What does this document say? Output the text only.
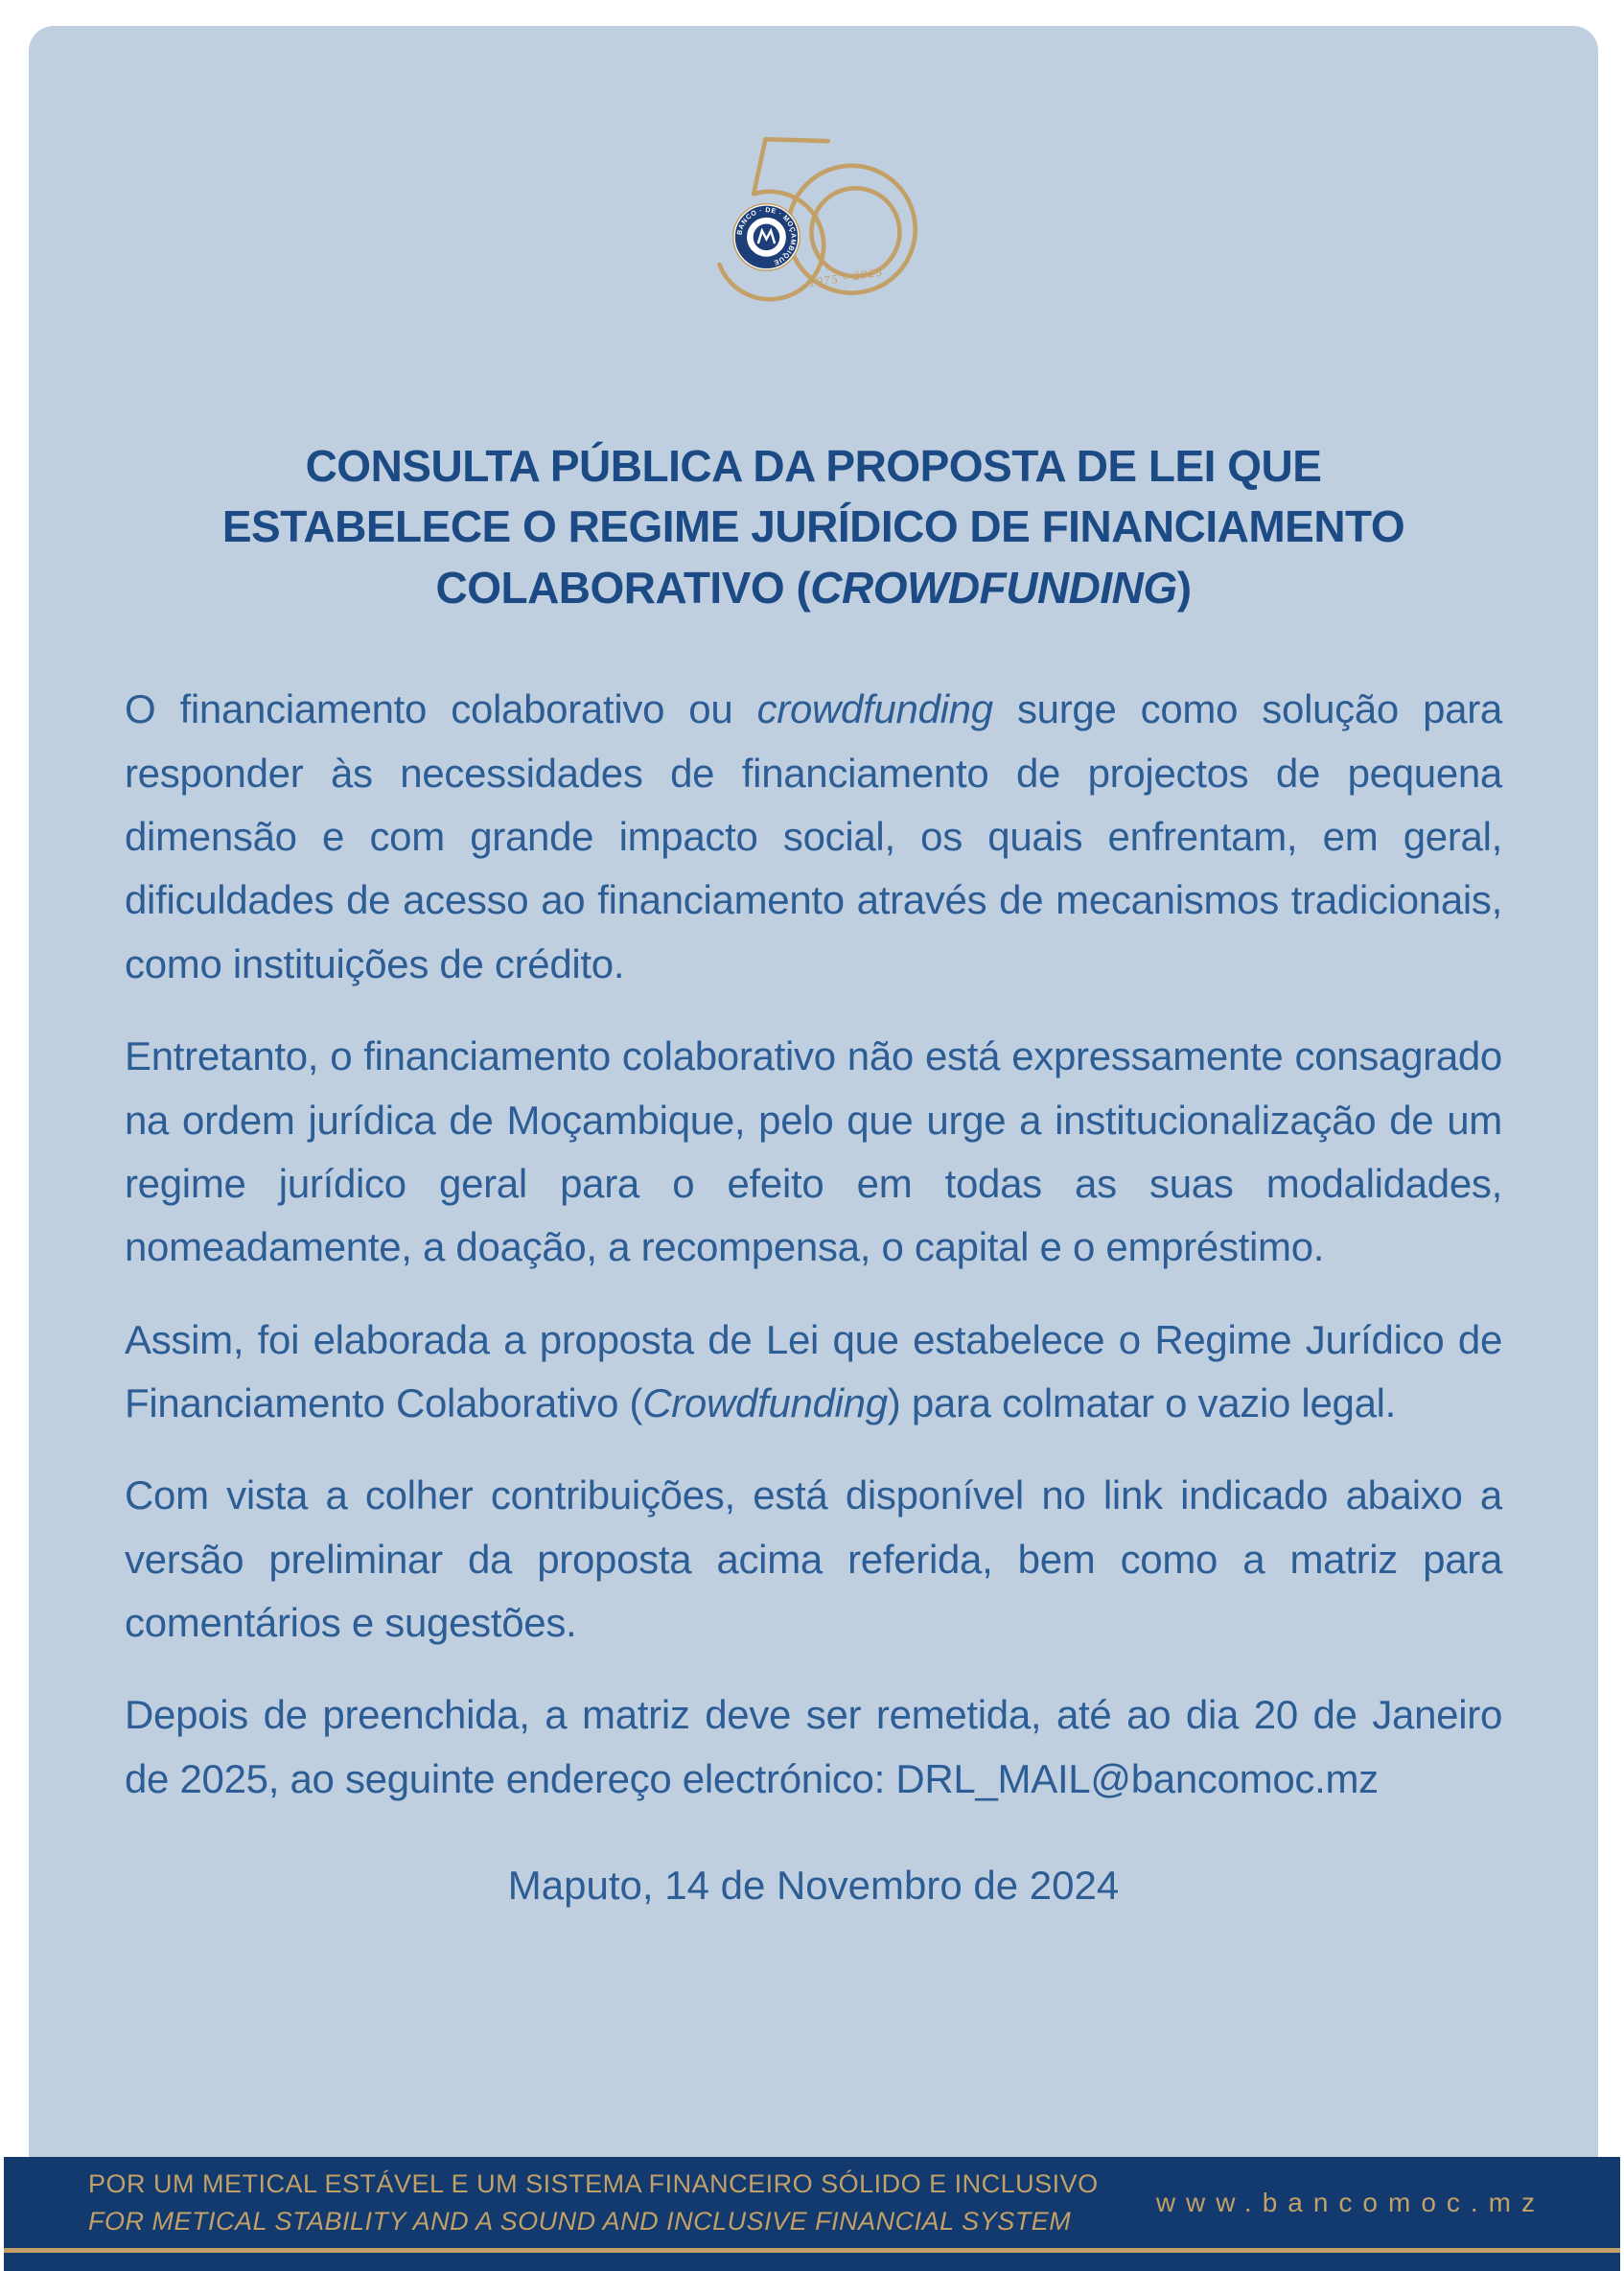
BANCO · DE · MOÇAMBIQUE
1975 - 2025
CONSULTA PÚBLICA DA PROPOSTA DE LEI QUE
ESTABELECE O REGIME JURÍDICO DE FINANCIAMENTO
COLABORATIVO (CROWDFUNDING)

O financiamento colaborativo ou crowdfunding surge como solução para responder às necessidades de financiamento de projectos de pequena dimensão e com grande impacto social, os quais enfrentam, em geral, dificuldades de acesso ao financiamento através de mecanismos tradicionais, como instituições de crédito.

Entretanto, o financiamento colaborativo não está expressamente consagrado na ordem jurídica de Moçambique, pelo que urge a institucionalização de um regime jurídico geral para o efeito em todas as suas modalidades, nomeadamente, a doação, a recompensa, o capital e o empréstimo.

Assim, foi elaborada a proposta de Lei que estabelece o Regime Jurídico de Financiamento Colaborativo (Crowdfunding) para colmatar o vazio legal.

Com vista a colher contribuições, está disponível no link indicado abaixo a versão preliminar da proposta acima referida, bem como a matriz para comentários e sugestões.

Depois de preenchida, a matriz deve ser remetida, até ao dia 20 de Janeiro de 2025, ao seguinte endereço electrónico: DRL_MAIL@bancomoc.mz

Maputo, 14 de Novembro de 2024
POR UM METICAL ESTÁVEL E UM SISTEMA FINANCEIRO SÓLIDO E INCLUSIVO
FOR METICAL STABILITY AND A SOUND AND INCLUSIVE FINANCIAL SYSTEM
www.bancomoc.mz
